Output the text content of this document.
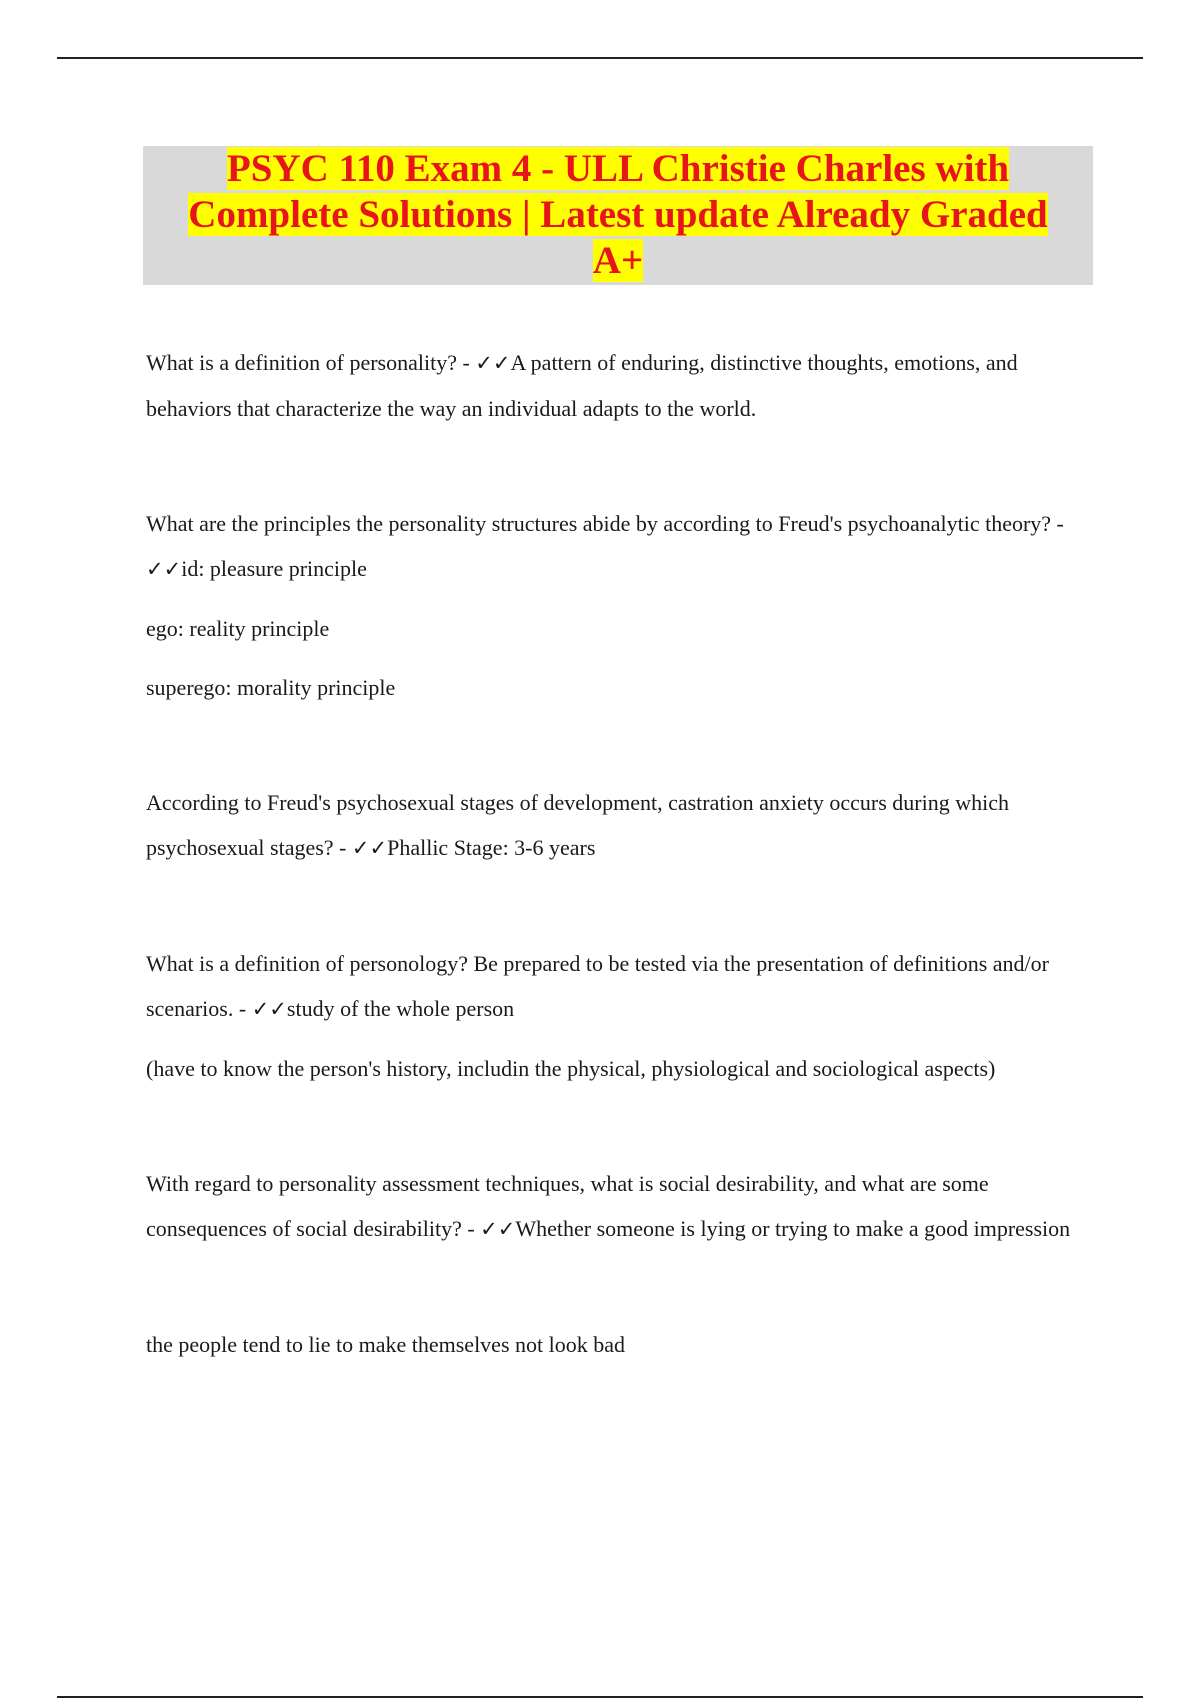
PSYC 110 Exam 4 - ULL Christie Charles with
Complete Solutions | Latest update Already Graded
A+

What is a definition of personality? - ✓✓A pattern of enduring, distinctive thoughts, emotions, and behaviors that characterize the way an individual adapts to the world.

What are the principles the personality structures abide by according to Freud's psychoanalytic theory? - ✓✓id: pleasure principle

ego: reality principle

superego: morality principle

According to Freud's psychosexual stages of development, castration anxiety occurs during which psychosexual stages? - ✓✓Phallic Stage: 3-6 years

What is a definition of personology? Be prepared to be tested via the presentation of definitions and/or scenarios. - ✓✓study of the whole person

(have to know the person's history, includin the physical, physiological and sociological aspects)

With regard to personality assessment techniques, what is social desirability, and what are some consequences of social desirability? - ✓✓Whether someone is lying or trying to make a good impression

the people tend to lie to make themselves not look bad
